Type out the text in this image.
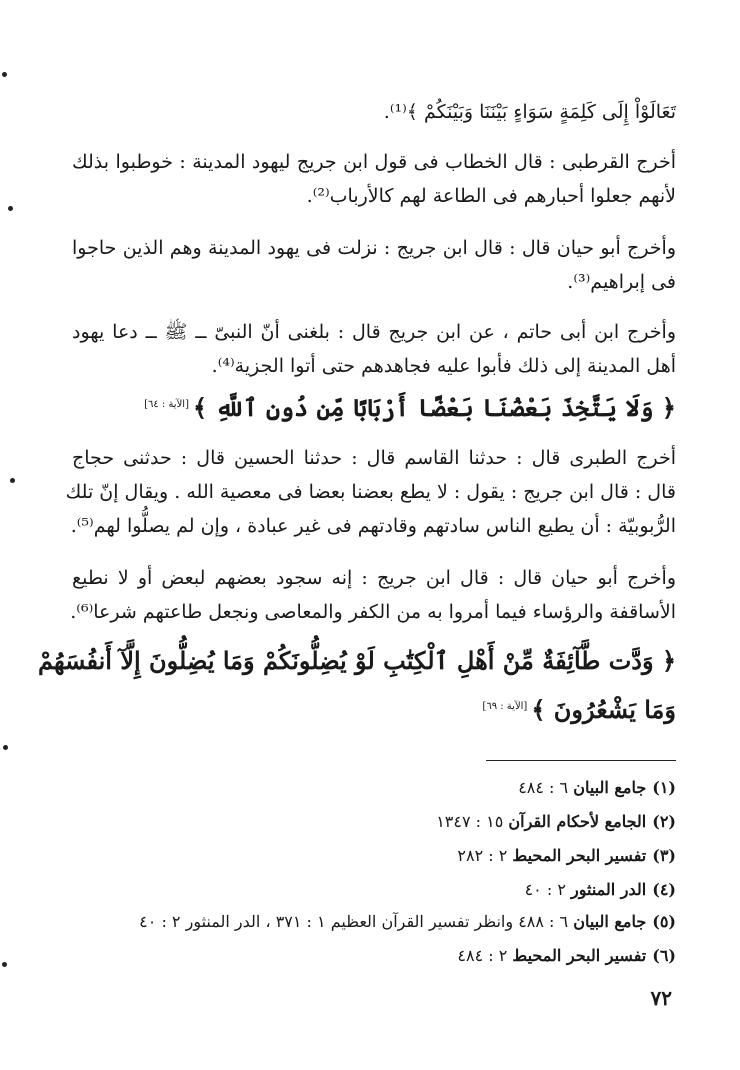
تَعَالَوْاْ إِلَى كَلِمَةٍ سَوَاءٍ بَيْنَنَا وَبَيْنَكُمْ ﴾⁽¹⁾.
أخرج القرطبى : قال الخطاب فى قول ابن جريج ليهود المدينة : خوطبوا بذلك
لأنهم جعلوا أحبارهم فى الطاعة لهم كالأرباب⁽²⁾.
وأخرج أبو حيان قال : قال ابن جريج : نزلت فى يهود المدينة وهم الذين حاجوا
فى إبراهيم⁽³⁾.
وأخرج ابن أبى حاتم ، عن ابن جريج قال : بلغنى أنّ النبىّ ــ ﷺ ــ دعا يهود
أهل المدينة إلى ذلك فأبوا عليه فجاهدهم حتى أتوا الجزية⁽⁴⁾.
﴿ وَلَا يَتَّخِذَ بَعْضُنَا بَعْضًا أَرْبَابًا مِّن دُونِ ٱللَّهِ ﴾[الآية : ٦٤]
أخرج الطبرى قال : حدثنا القاسم قال : حدثنا الحسين قال : حدثنى حجاج
قال : قال ابن جريج : يقول : لا يطع بعضنا بعضا فى معصية الله . ويقال إنّ تلك
الرُّبوبيّة : أن يطيع الناس سادتهم وقادتهم فى غير عبادة ، وإن لم يصلُّوا لهم⁽⁵⁾.
وأخرج أبو حيان قال : قال ابن جريج : إنه سجود بعضهم لبعض أو لا نطيع
الأساقفة والرؤساء فيما أمروا به من الكفر والمعاصى ونجعل طاعتهم شرعا⁽⁶⁾.
﴿ وَدَّت طَّآئِفَةٌ مِّنْ أَهْلِ ٱلْكِتَٰبِ لَوْ يُضِلُّونَكُمْ وَمَا يُضِلُّونَ إِلَّآ أَنفُسَهُمْ
وَمَا يَشْعُرُونَ ﴾[الآية : ٦٩]
(١)جامع البيان ٦ : ٤٨٤
(٢)الجامع لأحكام القرآن ١٥ : ١٣٤٧
(٣)تفسير البحر المحيط ٢ : ٢٨٢
(٤)الدر المنثور ٢ : ٤٠
(٥)جامع البيان ٦ : ٤٨٨ وانظر تفسير القرآن العظيم ١ : ٣٧١ ، الدر المنثور ٢ : ٤٠
(٦)تفسير البحر المحيط ٢ : ٤٨٤
٧٢
